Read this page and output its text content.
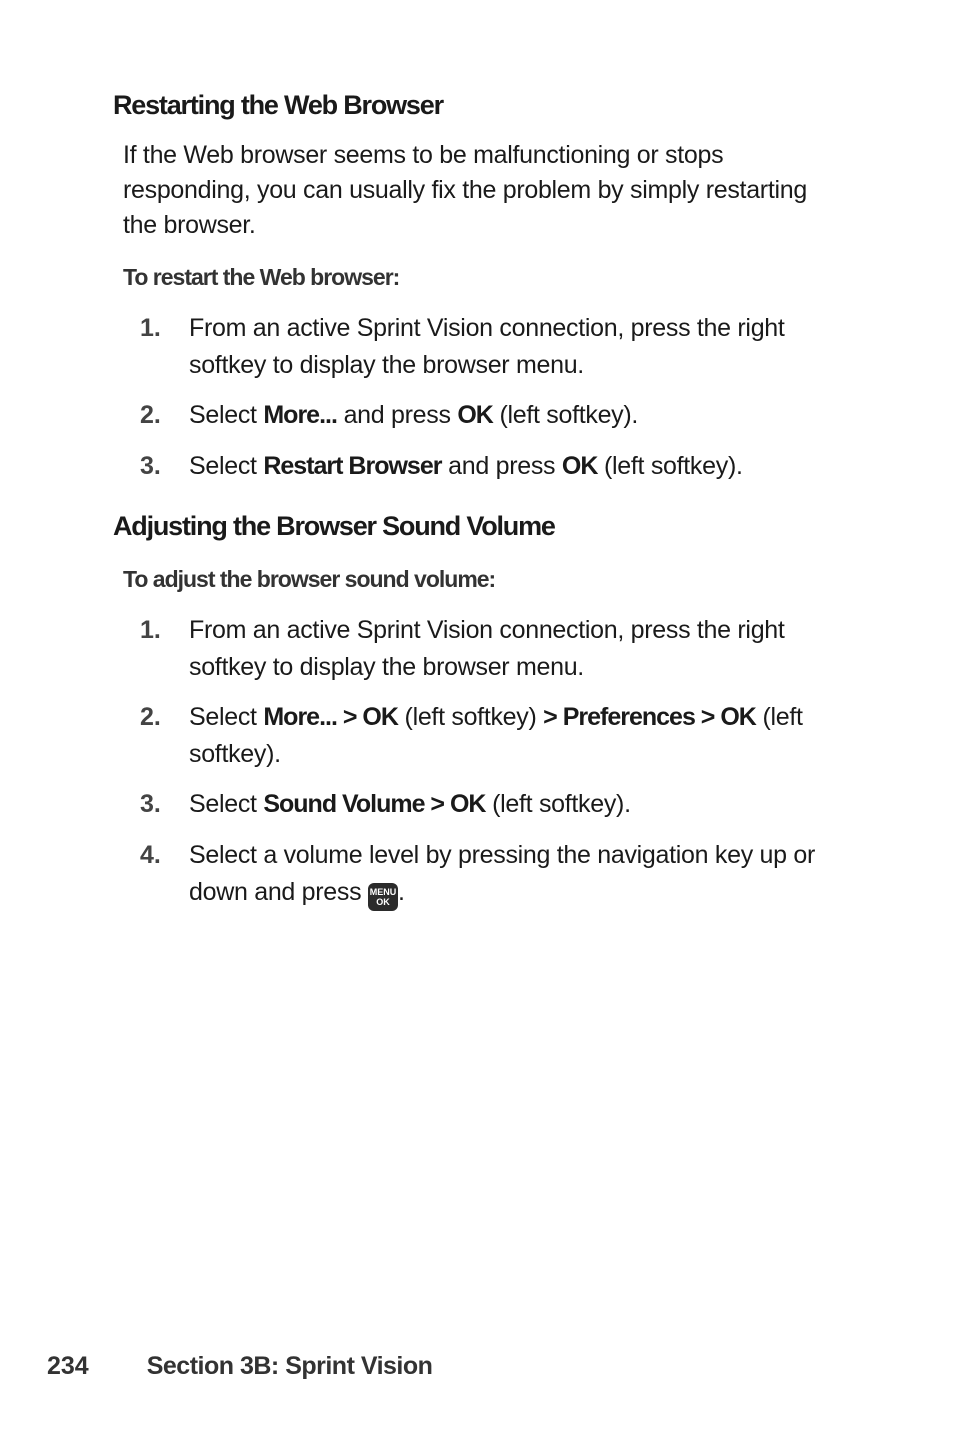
Restarting the Web Browser

If the Web browser seems to be malfunctioning or stops responding, you can usually fix the problem by simply restarting the browser.

To restart the Web browser:

1. From an active Sprint Vision connection, press the right softkey to display the browser menu.
2. Select More... and press OK (left softkey).
3. Select Restart Browser and press OK (left softkey).
Adjusting the Browser Sound Volume

To adjust the browser sound volume:

1. From an active Sprint Vision connection, press the right softkey to display the browser menu.
2. Select More... > OK (left softkey) > Preferences > OK (left softkey).
3. Select Sound Volume > OK (left softkey).
4. Select a volume level by pressing the navigation key up or down and press MENU
OK .
234 Section 3B: Sprint Vision
